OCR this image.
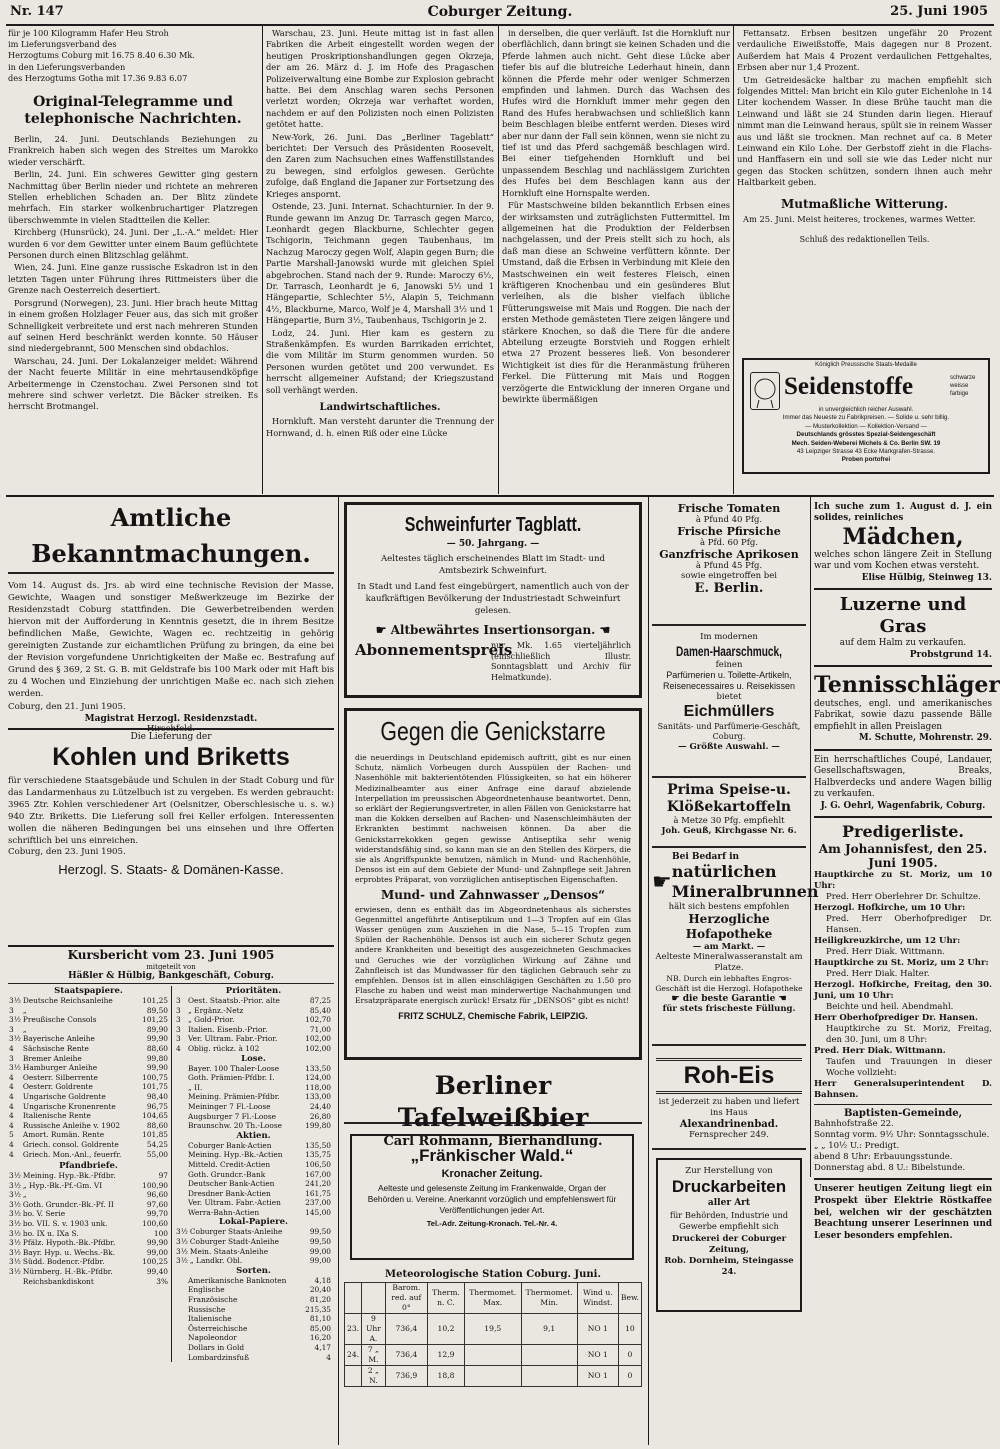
Nr. 147	Coburger Zeitung.	25. Juni 1905
für je 100 Kilogramm Hafer Heu Stroh
im Lieferungsverband des
Herzogtums Coburg mit 16.75 8.40 6.30 Mk.
in den Lieferungsverbanden
des Herzogtums Gotha mit 17.36 9.83 6.07
Original-Telegramme und telephonische Nachrichten.

Berlin, 24. Juni. Deutschlands Beziehungen zu Frankreich haben sich wegen des Streites um Marokko wieder verschärft.

Berlin, 24. Juni. Ein schweres Gewitter ging gestern Nachmittag über Berlin nieder und richtete an mehreren Stellen erheblichen Schaden an. Der Blitz zündete mehrfach. Ein starker wolkenbruchartiger Platzregen überschwemmte in vielen Stadtteilen die Keller.

Kirchberg (Hunsrück), 24. Juni. Der „L.-A.“ meldet: Hier wurden 6 vor dem Gewitter unter einem Baum geflüchtete Personen durch einen Blitzschlag gelähmt.

Wien, 24. Juni. Eine ganze russische Eskadron ist in den letzten Tagen unter Führung ihres Rittmeisters über die Grenze nach Oesterreich desertiert.

Porsgrund (Norwegen), 23. Juni. Hier brach heute Mittag in einem großen Holzlager Feuer aus, das sich mit großer Schnelligkeit verbreitete und erst nach mehreren Stunden auf seinen Herd beschränkt werden konnte. 50 Häuser sind niedergebrannt, 500 Menschen sind obdachlos.

Warschau, 24. Juni. Der Lokalanzeiger meldet: Während der Nacht feuerte Militär in eine mehrtausendköpfige Arbeitermenge in Czenstochau. Zwei Personen sind tot mehrere sind schwer verletzt. Die Bäcker streiken. Es herrscht Brotmangel.

Warschau, 23. Juni. Heute mittag ist in fast allen Fabriken die Arbeit eingestellt worden wegen der heutigen Proskriptionshandlungen gegen Okrzeja, der am 26. März d. J. im Hofe des Pragaschen Polizeiverwaltung eine Bombe zur Explosion gebracht hatte. Bei dem Anschlag waren sechs Personen verletzt worden; Okrzeja war verhaftet worden, nachdem er auf den Polizisten noch einen Polizisten getötet hatte.

New-York, 26. Juni. Das „Berliner Tageblatt“ berichtet: Der Versuch des Präsidenten Roosevelt, den Zaren zum Nachsuchen eines Waffenstillstandes zu bewegen, sind erfolglos gewesen. Gerüchte zufolge, daß England die Japaner zur Fortsetzung des Krieges anspornt.

Ostende, 23. Juni. Internat. Schachturnier. In der 9. Runde gewann im Anzug Dr. Tarrasch gegen Marco, Leonhardt gegen Blackburne, Schlechter gegen Tschigorin, Teichmann gegen Taubenhaus, im Nachzug Maroczy gegen Wolf, Alapin gegen Burn; die Partie Marshall-Janowski wurde mit gleichen Spiel abgebrochen. Stand nach der 9. Runde: Maroczy 6½, Dr. Tarrasch, Leonhardt je 6, Janowski 5½ und 1 Hängepartie, Schlechter 5½, Alapin 5, Teichmann 4½, Blackburne, Marco, Wolf je 4, Marshall 3½ und 1 Hängepartie, Burn 3½, Taubenhaus, Tschigorin je 2.

Lodz, 24. Juni. Hier kam es gestern zu Straßenkämpfen. Es wurden Barrikaden errichtet, die vom Militär im Sturm genommen wurden. 50 Personen wurden getötet und 200 verwundet. Es herrscht allgemeiner Aufstand; der Kriegszustand soll verhängt werden.

Landwirtschaftliches.

Hornkluft. Man versteht darunter die Trennung der Hornwand, d. h. einen Riß oder eine Lücke

in derselben, die quer verläuft. Ist die Hornkluft nur oberflächlich, dann bringt sie keinen Schaden und die Pferde lahmen auch nicht. Geht diese Lücke aber tiefer bis auf die blutreiche Lederhaut hinein, dann können die Pferde mehr oder weniger Schmerzen empfinden und lahmen. Durch das Wachsen des Hufes wird die Hornkluft immer mehr gegen den Rand des Hufes herabwachsen und schließlich kann beim Beschlagen bleibe entfernt werden. Dieses wird aber nur dann der Fall sein können, wenn sie nicht zu tief ist und das Pferd sachgemäß beschlagen wird. Bei einer tiefgehenden Hornkluft und bei unpassendem Beschlag und nachlässigem Zurichten des Hufes bei dem Beschlagen kann aus der Hornkluft eine Hornspalte werden.

Für Mastschweine bilden bekanntlich Erbsen eines der wirksamsten und zuträglichsten Futtermittel. Im allgemeinen hat die Produktion der Felderbsen nachgelassen, und der Preis stellt sich zu hoch, als daß man diese an Schweine verfüttern könnte. Der Umstand, daß die Erbsen in Verbindung mit Kleie den Mastschweinen ein weit festeres Fleisch, einen kräftigeren Knochenbau und ein gesünderes Blut verleihen, als die bisher vielfach übliche Fütterungsweise mit Mais und Roggen. Die nach der ersten Methode gemästeten Tiere zeigen längere und stärkere Knochen, so daß die Tiere für die andere Abteilung erzeugte Borstvieh und Roggen erhielt etwa 27 Prozent besseres ließ. Von besonderer Wichtigkeit ist dies für die Heranmästung früheren Ferkel. Die Fütterung mit Mais und Roggen verzögerte die Entwicklung der inneren Organe und bewirkte übermäßigen

Fettansatz. Erbsen besitzen ungefähr 20 Prozent verdauliche Eiweißstoffe, Mais dagegen nur 8 Prozent. Außerdem hat Mais 4 Prozent verdaulichen Fettgehaltes, Erbsen aber nur 1,4 Prozent.

Um Getreidesäcke haltbar zu machen empfiehlt sich folgendes Mittel: Man bricht ein Kilo guter Eichenlohe in 14 Liter kochendem Wasser. In diese Brühe taucht man die Leinwand und läßt sie 24 Stunden darin liegen. Hierauf nimmt man die Leinwand heraus, spült sie in reinem Wasser aus und läßt sie trocknen. Man rechnet auf ca. 8 Meter Leinwand ein Kilo Lohe. Der Gerbstoff zieht in die Flachs- und Hanffasern ein und soll sie wie das Leder nicht nur gegen das Stocken schützen, sondern ihnen auch mehr Haltbarkeit geben.

Mutmaßliche Witterung.

Am 25. Juni. Meist heiteres, trockenes, warmes Wetter.

Schluß des redaktionellen Teils.
Königlich Preussische Staats-Medaille
Seidenstoffe	schwarze weisse farbige
in unvergleichlich reicher Auswahl.
Immer das Neueste zu Fabrikpreisen. — Solide u. sehr billig.
— Musterkollektion — Kollektion-Versand —
Deutschlands grösstes Spezial-Seidengeschäft
Mech. Seiden-Weberei Michels & Co. Berlin SW. 19
43 Leipziger Strasse 43 Ecke Markgrafen-Strasse.
Proben portofrei
Amtliche Bekanntmachungen.
Vom 14. August ds. Jrs. ab wird eine technische Revision der Masse, Gewichte, Waagen und sonstiger Meßwerkzeuge im Bezirke der Residenzstadt Coburg stattfinden. Die Gewerbetreibenden werden hiervon mit der Aufforderung in Kenntnis gesetzt, die in ihrem Besitze befindlichen Maße, Gewichte, Wagen ec. rechtzeitig in gehörig gereinigten Zustande zur eichamtlichen Prüfung zu bringen, da eine bei der Revision vorgefundene Unrichtigkeiten der Maße ec. Bestrafung auf Grund des § 369, 2 St. G. B. mit Geldstrafe bis 100 Mark oder mit Haft bis zu 4 Wochen und Einziehung der unrichtigen Maße ec. nach sich ziehen werden.
Coburg, den 21. Juni 1905.
Magistrat Herzogl. Residenzstadt.
Die Lieferung der
Kohlen und Briketts
für verschiedene Staatsgebäude und Schulen in der Stadt Coburg und für das Landarmenhaus zu Lützelbuch ist zu vergeben. Es werden gebraucht: 3965 Ztr. Kohlen verschiedener Art (Oelsnitzer, Oberschlesische u. s. w.) 940 Ztr. Briketts. Die Lieferung soll frei Keller erfolgen. Interessenten wollen die näheren Bedingungen bei uns einsehen und ihre Offerten schriftlich bei uns einreichen.
Coburg, den 23. Juni 1905.
Herzogl. S. Staats- & Domänen-Kasse.
Kursbericht vom 23. Juni 1905
mitgeteilt von
Häßler & Hülbig, Bankgeschäft, Coburg.
Staatspapiere.
3½	Deutsche Reichsanleihe	101,25
3	„	89,50
3½	Preußische Consols	101,25
3	„	89,90
3½	Bayerische Anleihe	99,90
4	Sächsische Rente	88,60
3	Bremer Anleihe	99,80
3½	Hamburger Anleihe	99,90
4	Oesterr. Silberrente	100,75
4	Oesterr. Goldrente	101,75
4	Ungarische Goldrente	98,40
4	Ungarische Kronenrente	96,75
4	Italienische Rente	104,65
4	Russische Anleihe v. 1902	88,60
5	Amort. Rumän. Rente	101,85
4	Griech. consol. Goldrente	54,25
4	Griech. Mon.-Anl., feuerfr.	55,00
Pfandbriefe.
3½	Meining. Hyp.-Bk.-Pfdbr.	97
3½	„ Hyp.-Bk.-Pf.-Gm. VI	100,90
3½	„	96,60
3½	Goth. Grundcr.-Bk.-Pf. II	97,60
3½	bo. V. Serie	99,70
3½	bo. VII. S. v. 1903 unk.	100,60
3½	bo. IX u. IXa S.	100
3½	Pfälz. Hypoth.-Bk.-Pfdbr.	99,90
3½	Bayr. Hyp. u. Wechs.-Bk.	99,00
3½	Südd. Bodencr.-Pfdbr.	100,25
3½	Nürnberg. H.-Bk.-Pfdbr.	99,40
	Reichsbankdiskont	3%
Prioritäten.
3	Oest. Staatsb.-Prior. alte	87,25
3	„ Ergänz.-Netz	85,40
3	„ Gold-Prior.	102,70
3	Italien. Eisenb.-Prior.	71,00
3	Ver. Ultram. Fabr.-Prior.	102,00
4	Oblig. rückz. à 102	102,00
Lose.
	Bayer. 100 Thaler-Loose	133,50
	Goth. Prämien-Pfdbr. I.	124,00
	„ II.	118,00
	Meining. Prämien-Pfdbr.	133,00
	Meininger 7 Fl.-Loose	24,40
	Augsburger 7 Fl.-Loose	26,80
	Braunschw. 20 Th.-Loose	199,80
Aktien.
	Coburger Bank-Actien	135,50
	Meining. Hyp.-Bk.-Actien	135,75
	Mitteld. Credit-Actien	106,50
	Goth. Grundcr.-Bank	167,00
	Deutscher Bank-Actien	241,20
	Dresdner Bank-Actien	161,75
	Ver. Ultram. Fabr.-Actien	237,00
	Werra-Bahn-Actien	145,00
Lokal-Papiere.
3½	Coburger Staats-Anleihe	99,50
3½	Coburger Stadt-Anleihe	99,50
3½	Mein. Staats-Anleihe	99,00
3½	„ Landkr. Obl.	99,00
Sorten.
	Amerikanische Banknoten	4,18
	Englische	20,40
	Französische	81,20
	Russische	215,35
	Italienische	81,10
	Österreichische	85,00
	Napoleondor	16,20
	Dollars in Gold	4,17
	Lombardzinsfuß	4
Schweinfurter Tagblatt.
— 50. Jahrgang. —
Aeltestes täglich erscheinendes Blatt im Stadt- und Amtsbezirk Schweinfurt.
In Stadt und Land fest eingebürgert, namentlich auch von der kaufkräftigen Bevölkerung der Industriestadt Schweinfurt gelesen.
☛ Altbewährtes Insertionsorgan. ☚
Abonnementspreis
nur Mk. 1.65 vierteljährlich (einschließlich Illustr. Sonntagsblatt und Archiv für Helmatkunde).
Gegen die Genickstarre
die neuerdings in Deutschland epidemisch auftritt, gibt es nur einen Schutz, nämlich Vorbeugen durch Ausspülen der Rachen- und Nasenhöhle mit bakterientötenden Flüssigkeiten, so hat ein höherer Medizinalbeamter aus einer Anfrage eine darauf abzielende Interpellation im preussischen Abgeordnetenhause beantwortet. Denn, so erklärt der Regierungsvertreter, in allen Fällen von Genickstarre hat man die Kokken derselben auf Rachen- und Nasenschleimhäuten der Erkrankten bestimmt nachweisen können. Da aber die Genickstarrekokken gegen gewisse Antiseptika sehr wenig widerstandsfähig sind, so kann man sie an den Stellen des Körpers, die sie als Angriffspunkte benutzen, nämlich in Mund- und Rachenhöhle, Densos ist ein auf dem Gebiete der Mund- und Zahnpflege seit Jahren erprobtes Präparat, von vorzüglichen antiseptischen Eigenschaften.
Mund- und Zahnwasser „Densos“
erwiesen, denn es enthält das im Abgeordnetenhaus als sicherstes Gegenmittel angeführte Antiseptikum und 1—3 Tropfen auf ein Glas Wasser genügen zum Ausziehen in die Nase, 5—15 Tropfen zum Spülen der Rachenhöhle. Densos ist auch ein sicherer Schutz gegen andere Krankheiten und beseitigt des ausgezeichneten Geschmackes und Geruches wie der vorzüglichen Wirkung auf Zähne und Zahnfleisch ist das Mundwasser für den täglichen Gebrauch sehr zu empfehlen. Densos ist in allen einschlägigen Geschäften zu 1.50 pro Flasche zu haben und weist man minderwertige Nachahmungen und Ersatzpräparate energisch zurück! Ersatz für „DENSOS“ gibt es nicht!
FRITZ SCHULZ, Chemische Fabrik, LEIPZIG.
Berliner Tafelweißbier
Carl Rohmann, Bierhandlung.
„Fränkischer Wald.“
Kronacher Zeitung.
Aelteste und gelesenste Zeitung im Frankenwalde, Organ der Behörden u. Vereine. Anerkannt vorzüglich und empfehlenswert für Veröffentlichungen jeder Art.
Tel.-Adr. Zeitung-Kronach. Tel.-Nr. 4.
Meteorologische Station Coburg. Juni.
		Barom. red. auf 0°	Therm. n. C.	Thermomet. Max.	Thermomet. Min.	Wind u. Windst.	Bew.
23.	9 Uhr A.	736,4	10,2	19,5	9,1	NO 1	10
24.	7 „ M.	736,4	12,9			NO 1	0
	2 „ N.	736,9	18,8			NO 1	0
Frische Tomaten
à Pfund 40 Pfg.
Frische Pfirsiche
à Pfd. 60 Pfg.
Ganzfrische Aprikosen
à Pfund 45 Pfg.
sowie eingetroffen bei
E. Berlin.
Im modernen
Damen-Haarschmuck,
feinen
Parfümerien u. Toilette-Artikeln, Reisenecessaires u. Reisekissen
bietet
Eichmüllers
Sanitäts- und Parfümerie-Geschäft, Coburg.
— Größte Auswahl. —
Prima Speise-u. Klößekartoffeln
à Metze 30 Pfg. empfiehlt
Joh. Geuß, Kirchgasse Nr. 6.
Bei Bedarf in
☛ natürlichen Mineralbrunnen
hält sich bestens empfohlen
Herzogliche Hofapotheke
— am Markt. —
Aelteste Mineralwasseranstalt am Platze.
NB. Durch ein lebhaftes Engros-Geschäft ist die Herzogl. Hofapotheke
☛ die beste Garantie ☚
für stets frischeste Füllung.
Roh-Eis
ist jederzeit zu haben und liefert ins Haus
Alexandrinenbad.
Fernsprecher 249.
Zur Herstellung von
Druckarbeiten
aller Art
für Behörden, Industrie und Gewerbe empfiehlt sich
Druckerei der Coburger Zeitung,
Rob. Dornheim, Steingasse 24.
Ich suche zum 1. August d. J. ein solides, reinliches
Mädchen,
welches schon längere Zeit in Stellung war und vom Kochen etwas versteht.
Elise Hülbig, Steinweg 13.
Luzerne und Gras
auf dem Halm zu verkaufen.
Probstgrund 14.
Tennisschläger
deutsches, engl. und amerikanisches Fabrikat, sowie dazu passende Bälle empfiehlt in allen Preislagen
M. Schutte, Mohrenstr. 29.
Ein herrschaftliches Coupé, Landauer, Gesellschaftswagen, Breaks, Halbverdecks und andere Wagen billig zu verkaufen.
J. G. Oehrl, Wagenfabrik, Coburg.
Predigerliste.
Am Johannisfest, den 25. Juni 1905.
Hauptkirche zu St. Moriz, um 10 Uhr:
Pred. Herr Oberlehrer Dr. Schultze.
Herzogl. Hofkirche, um 10 Uhr:
Pred. Herr Oberhofprediger Dr. Hansen.
Heiligkreuzkirche, um 12 Uhr:
Pred. Herr Diak. Wittmann.
Hauptkirche zu St. Moriz, um 2 Uhr:
Pred. Herr Diak. Halter.
Herzogl. Hofkirche, Freitag, den 30. Juni, um 10 Uhr:
Beichte und heil. Abendmahl.
Herr Oberhofprediger Dr. Hansen.
Hauptkirche zu St. Moriz, Freitag, den 30. Juni, um 8 Uhr:
Pred. Herr Diak. Wittmann.
Taufen und Trauungen in dieser Woche vollzieht:
Herr Generalsuperintendent D. Bahnsen.
Baptisten-Gemeinde,
Bahnhofstraße 22.
Sonntag vorm. 9½ Uhr: Sonntagsschule.
„ „ 10½ U.: Predigt.
abend 8 Uhr: Erbauungsstunde.
Donnerstag abd. 8 U.: Bibelstunde.
Unserer heutigen Zeitung liegt ein Prospekt über Elektrie Röstkaffee bei, welchen wir der geschätzten Beachtung unserer Leserinnen und Leser besonders empfehlen.
